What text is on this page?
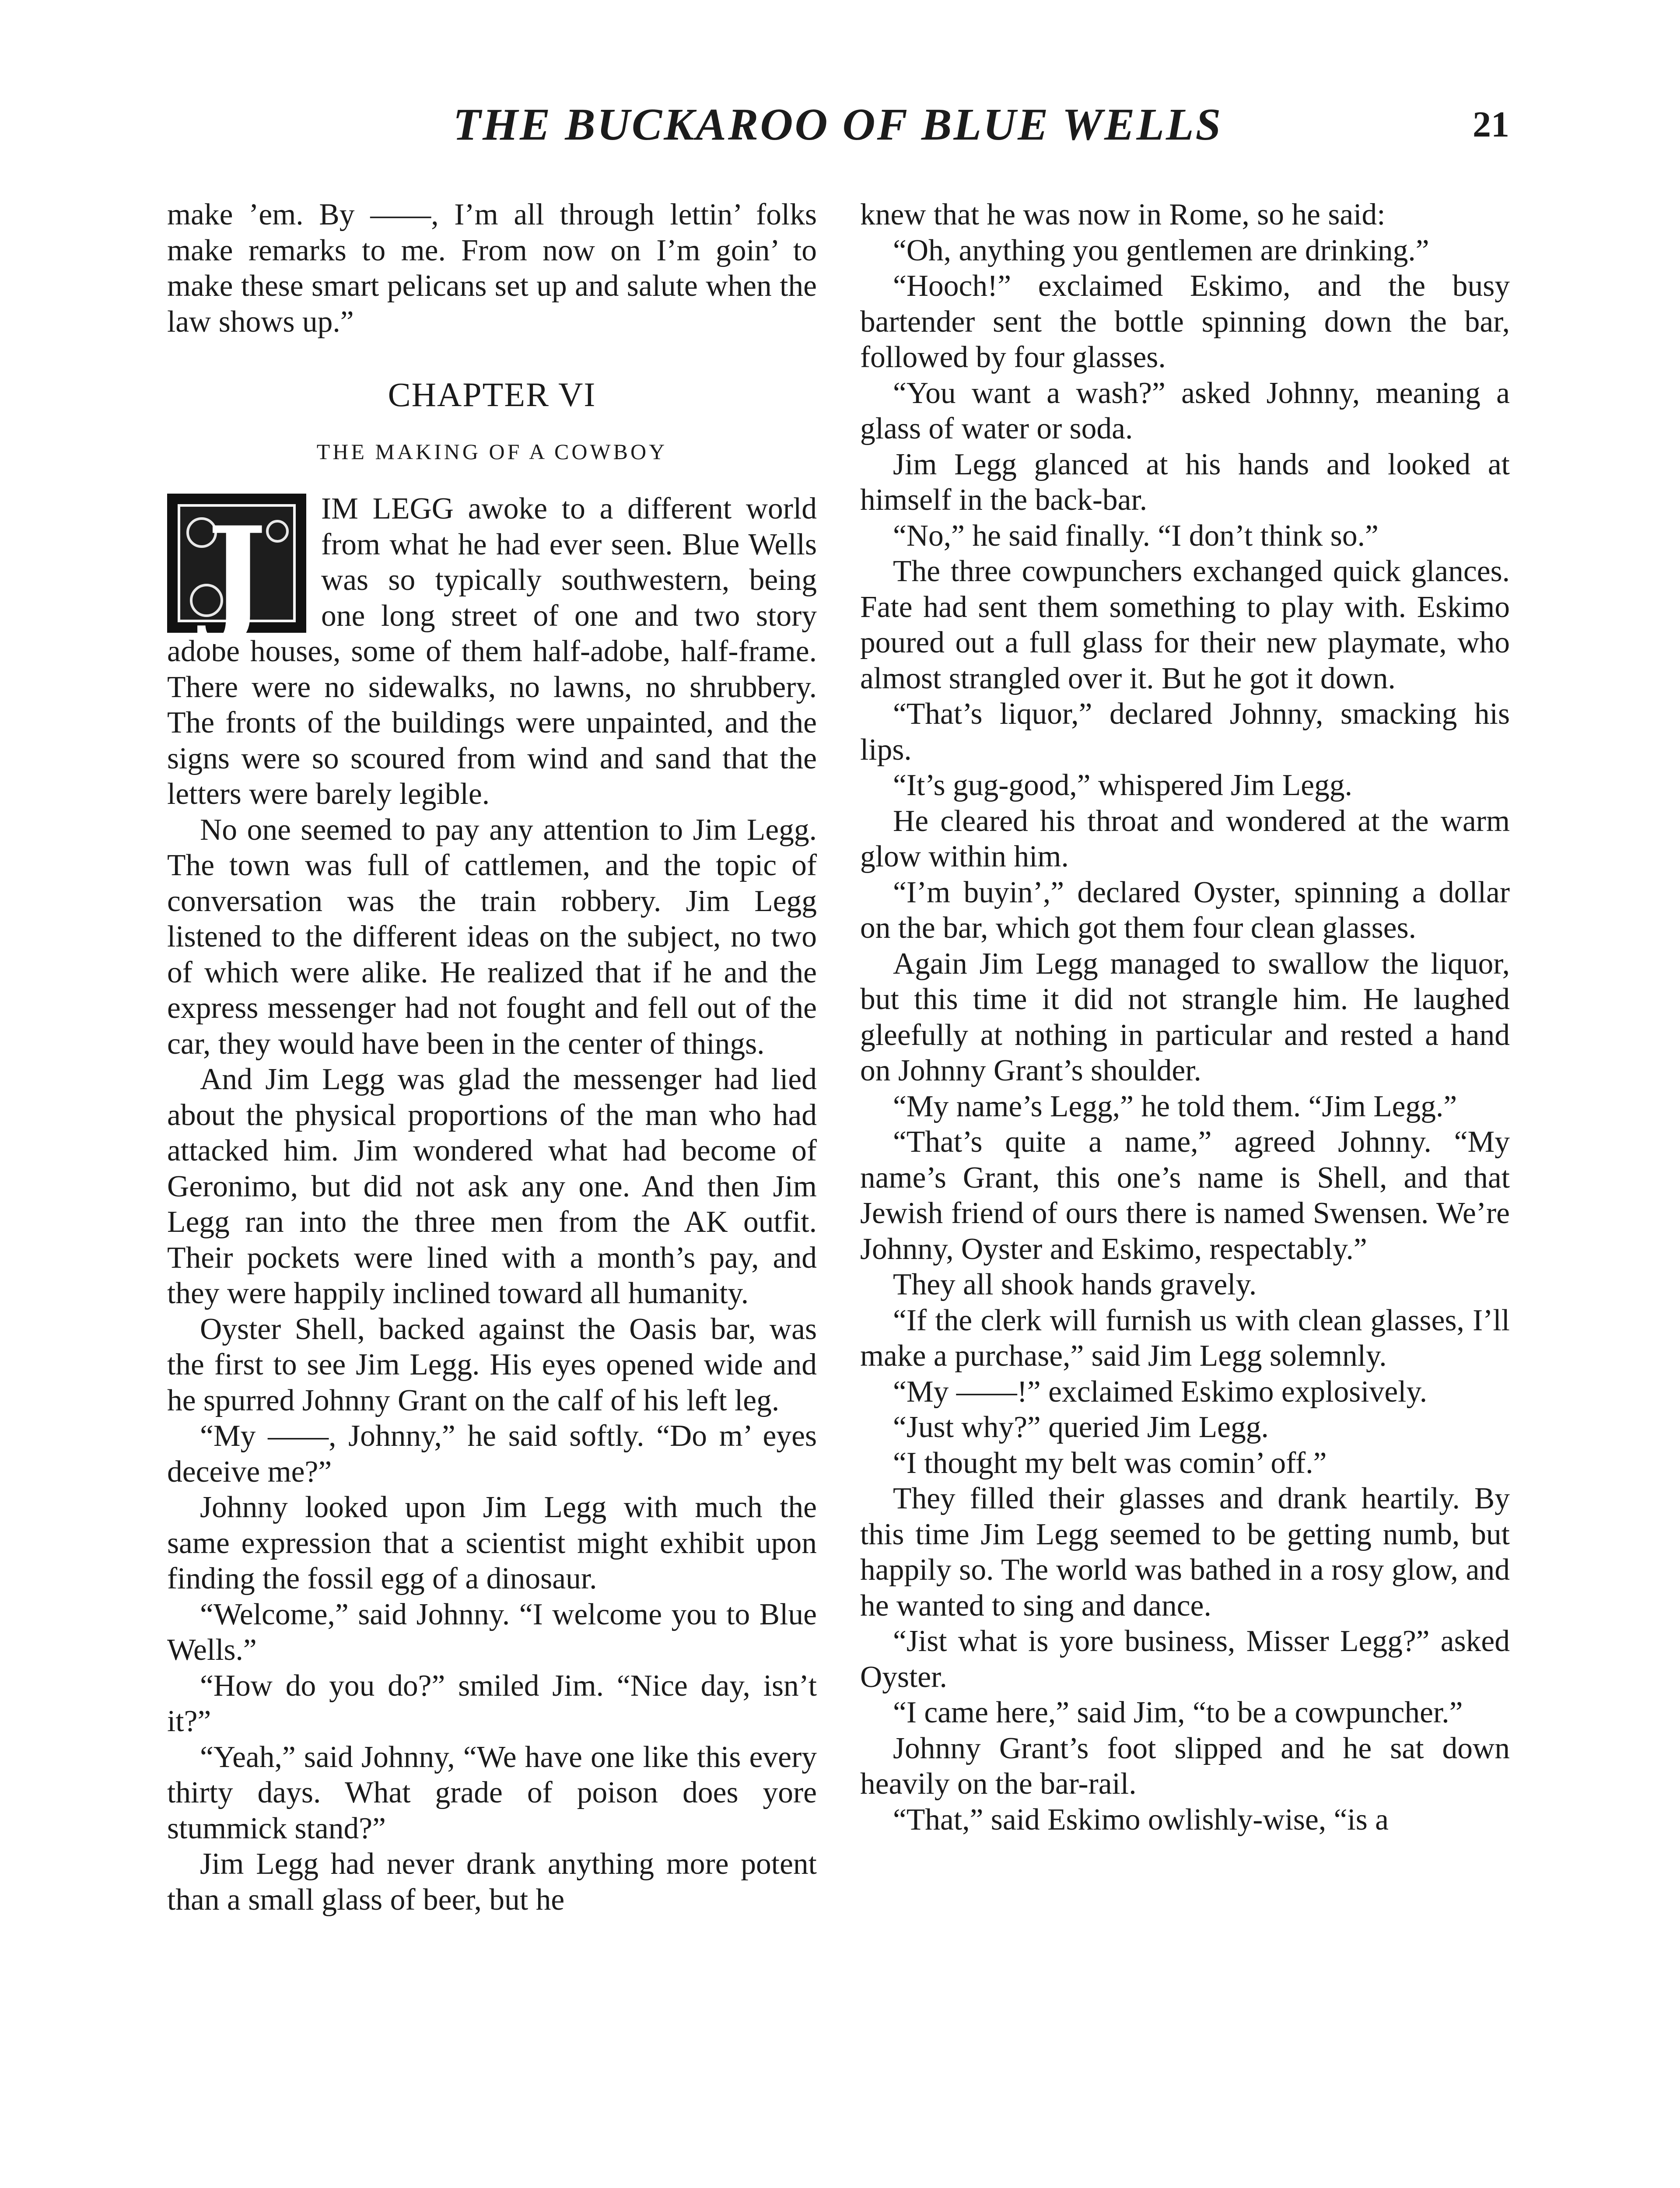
THE BUCKAROO OF BLUE WELLS	21

make ’em. By ——, I’m all through lettin’ folks make remarks to me. From now on I’m goin’ to make these smart pelicans set up and salute when the law shows up.”

CHAPTER VI
THE MAKING OF A COWBOY
J	IM LEGG awoke to a different world from what he had ever seen. Blue Wells was so typically southwestern, being one long street of one and two story adobe houses, some of them half-adobe, half-frame. There were no sidewalks, no lawns, no shrubbery. The fronts of the buildings were unpainted, and the signs were so scoured from wind and sand that the letters were barely legible.

No one seemed to pay any attention to Jim Legg. The town was full of cattlemen, and the topic of conversation was the train robbery. Jim Legg listened to the different ideas on the subject, no two of which were alike. He realized that if he and the express messenger had not fought and fell out of the car, they would have been in the center of things.

And Jim Legg was glad the messenger had lied about the physical proportions of the man who had attacked him. Jim wondered what had become of Geronimo, but did not ask any one. And then Jim Legg ran into the three men from the AK outfit. Their pockets were lined with a month’s pay, and they were happily inclined toward all humanity.

Oyster Shell, backed against the Oasis bar, was the first to see Jim Legg. His eyes opened wide and he spurred Johnny Grant on the calf of his left leg.

“My ——, Johnny,” he said softly. “Do m’ eyes deceive me?”

Johnny looked upon Jim Legg with much the same expression that a scientist might exhibit upon finding the fossil egg of a dinosaur.

“Welcome,” said Johnny. “I welcome you to Blue Wells.”

“How do you do?” smiled Jim. “Nice day, isn’t it?”

“Yeah,” said Johnny, “We have one like this every thirty days. What grade of poison does yore stummick stand?”

Jim Legg had never drank anything more potent than a small glass of beer, but he

knew that he was now in Rome, so he said:

“Oh, anything you gentlemen are drinking.”

“Hooch!” exclaimed Eskimo, and the busy bartender sent the bottle spinning down the bar, followed by four glasses.

“You want a wash?” asked Johnny, meaning a glass of water or soda.

Jim Legg glanced at his hands and looked at himself in the back-bar.

“No,” he said finally. “I don’t think so.”

The three cowpunchers exchanged quick glances. Fate had sent them something to play with. Eskimo poured out a full glass for their new playmate, who almost strangled over it. But he got it down.

“That’s liquor,” declared Johnny, smacking his lips.

“It’s gug-good,” whispered Jim Legg.

He cleared his throat and wondered at the warm glow within him.

“I’m buyin’,” declared Oyster, spinning a dollar on the bar, which got them four clean glasses.

Again Jim Legg managed to swallow the liquor, but this time it did not strangle him. He laughed gleefully at nothing in particular and rested a hand on Johnny Grant’s shoulder.

“My name’s Legg,” he told them. “Jim Legg.”

“That’s quite a name,” agreed Johnny. “My name’s Grant, this one’s name is Shell, and that Jewish friend of ours there is named Swensen. We’re Johnny, Oyster and Eskimo, respectably.”

They all shook hands gravely.

“If the clerk will furnish us with clean glasses, I’ll make a purchase,” said Jim Legg solemnly.

“My ——!” exclaimed Eskimo explosively.

“Just why?” queried Jim Legg.

“I thought my belt was comin’ off.”

They filled their glasses and drank heartily. By this time Jim Legg seemed to be getting numb, but happily so. The world was bathed in a rosy glow, and he wanted to sing and dance.

“Jist what is yore business, Misser Legg?” asked Oyster.

“I came here,” said Jim, “to be a cowpuncher.”

Johnny Grant’s foot slipped and he sat down heavily on the bar-rail.

“That,” said Eskimo owlishly-wise, “is a
